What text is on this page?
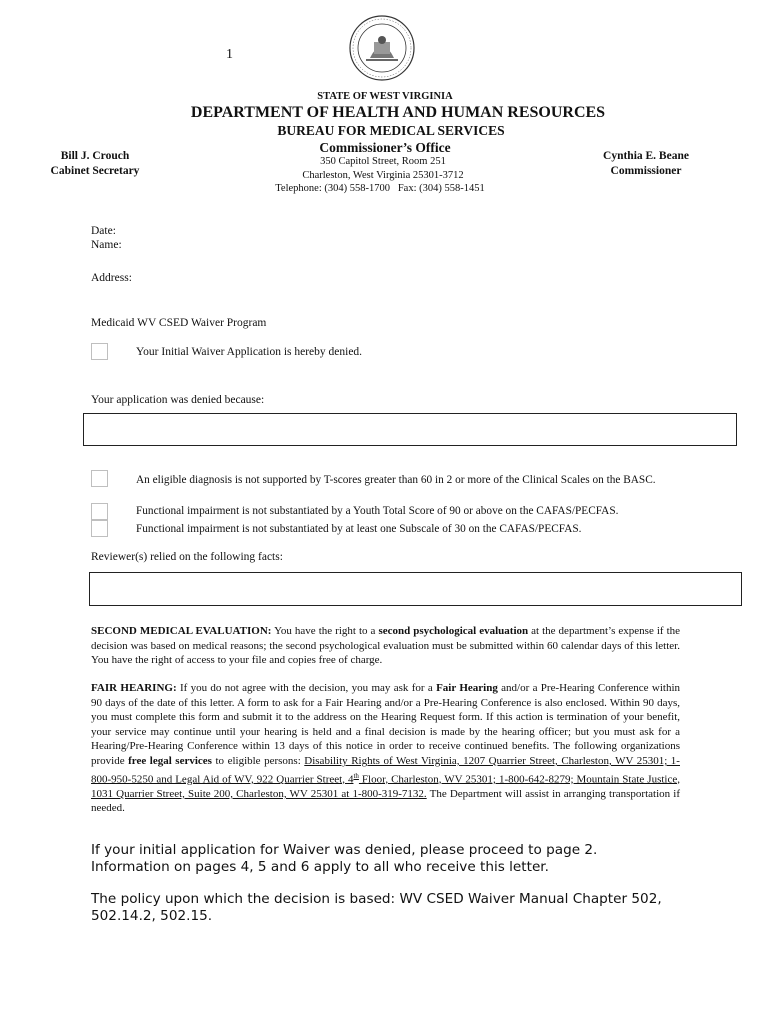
1
STATE OF WEST VIRGINIA
DEPARTMENT OF HEALTH AND HUMAN RESOURCES
BUREAU FOR MEDICAL SERVICES
Commissioner’s Office
350 Capitol Street, Room 251
Charleston, West Virginia 25301-3712
Telephone: (304) 558-1700   Fax: (304) 558-1451
Bill J. Crouch
Cabinet Secretary
Cynthia E. Beane
Commissioner
Date:
Name:
Address:
Medicaid WV CSED Waiver Program
Your Initial Waiver Application is hereby denied.
Your application was denied because:
An eligible diagnosis is not supported by T-scores greater than 60 in 2 or more of the Clinical Scales on the BASC.
Functional impairment is not substantiated by a Youth Total Score of 90 or above on the CAFAS/PECFAS.
Functional impairment is not substantiated by at least one Subscale of 30 on the CAFAS/PECFAS.
Reviewer(s) relied on the following facts:
SECOND MEDICAL EVALUATION: You have the right to a second psychological evaluation at the department’s expense if the decision was based on medical reasons; the second psychological evaluation must be submitted within 60 calendar days of this letter. You have the right of access to your file and copies free of charge.
FAIR HEARING: If you do not agree with the decision, you may ask for a Fair Hearing and/or a Pre-Hearing Conference within 90 days of the date of this letter. A form to ask for a Fair Hearing and/or a Pre-Hearing Conference is also enclosed. Within 90 days, you must complete this form and submit it to the address on the Hearing Request form. If this action is termination of your benefit, your service may continue until your hearing is held and a final decision is made by the hearing officer; but you must ask for a Hearing/Pre-Hearing Conference within 13 days of this notice in order to receive continued benefits. The following organizations provide free legal services to eligible persons: Disability Rights of West Virginia, 1207 Quarrier Street, Charleston, WV 25301; 1-800-950-5250 and Legal Aid of WV, 922 Quarrier Street, 4th Floor, Charleston, WV 25301; 1-800-642-8279; Mountain State Justice, 1031 Quarrier Street, Suite 200, Charleston, WV 25301 at 1-800-319-7132. The Department will assist in arranging transportation if needed.
If your initial application for Waiver was denied, please proceed to page 2. Information on pages 4, 5 and 6 apply to all who receive this letter.
The policy upon which the decision is based: WV CSED Waiver Manual Chapter 502, 502.14.2, 502.15.
